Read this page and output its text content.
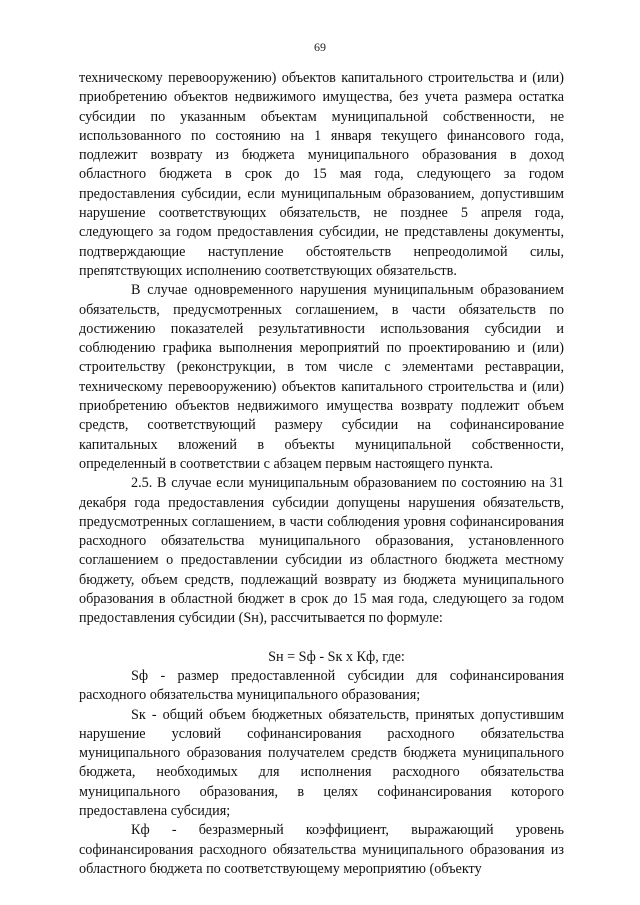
69

техническому перевооружению) объектов капитального строительства и (или) приобретению объектов недвижимого имущества, без учета размера остатка субсидии по указанным объектам муниципальной собственности, не использованного по состоянию на 1 января текущего финансового года, подлежит возврату из бюджета муниципального образования в доход областного бюджета в срок до 15 мая года, следующего за годом предоставления субсидии, если муниципальным образованием, допустившим нарушение соответствующих обязательств, не позднее 5 апреля года, следующего за годом предоставления субсидии, не представлены документы, подтверждающие наступление обстоятельств непреодолимой силы, препятствующих исполнению соответствующих обязательств.

В случае одновременного нарушения муниципальным образованием обязательств, предусмотренных соглашением, в части обязательств по достижению показателей результативности использования субсидии и соблюдению графика выполнения мероприятий по проектированию и (или) строительству (реконструкции, в том числе с элементами реставрации, техническому перевооружению) объектов капитального строительства и (или) приобретению объектов недвижимого имущества возврату подлежит объем средств, соответствующий размеру субсидии на софинансирование капитальных вложений в объекты муниципальной собственности, определенный в соответствии с абзацем первым настоящего пункта.

2.5. В случае если муниципальным образованием по состоянию на 31 декабря года предоставления субсидии допущены нарушения обязательств, предусмотренных соглашением, в части соблюдения уровня софинансирования расходного обязательства муниципального образования, установленного соглашением о предоставлении субсидии из областного бюджета местному бюджету, объем средств, подлежащий возврату из бюджета муниципального образования в областной бюджет в срок до 15 мая года, следующего за годом предоставления субсидии (Sн), рассчитывается по формуле:

Sн = Sф - Sк x Кф, где:

Sф - размер предоставленной субсидии для софинансирования расходного обязательства муниципального образования;

Sк - общий объем бюджетных обязательств, принятых допустившим нарушение условий софинансирования расходного обязательства муниципального образования получателем средств бюджета муниципального бюджета, необходимых для исполнения расходного обязательства муниципального образования, в целях софинансирования которого предоставлена субсидия;

Кф - безразмерный коэффициент, выражающий уровень софинансирования расходного обязательства муниципального образования из областного бюджета по соответствующему мероприятию (объекту
